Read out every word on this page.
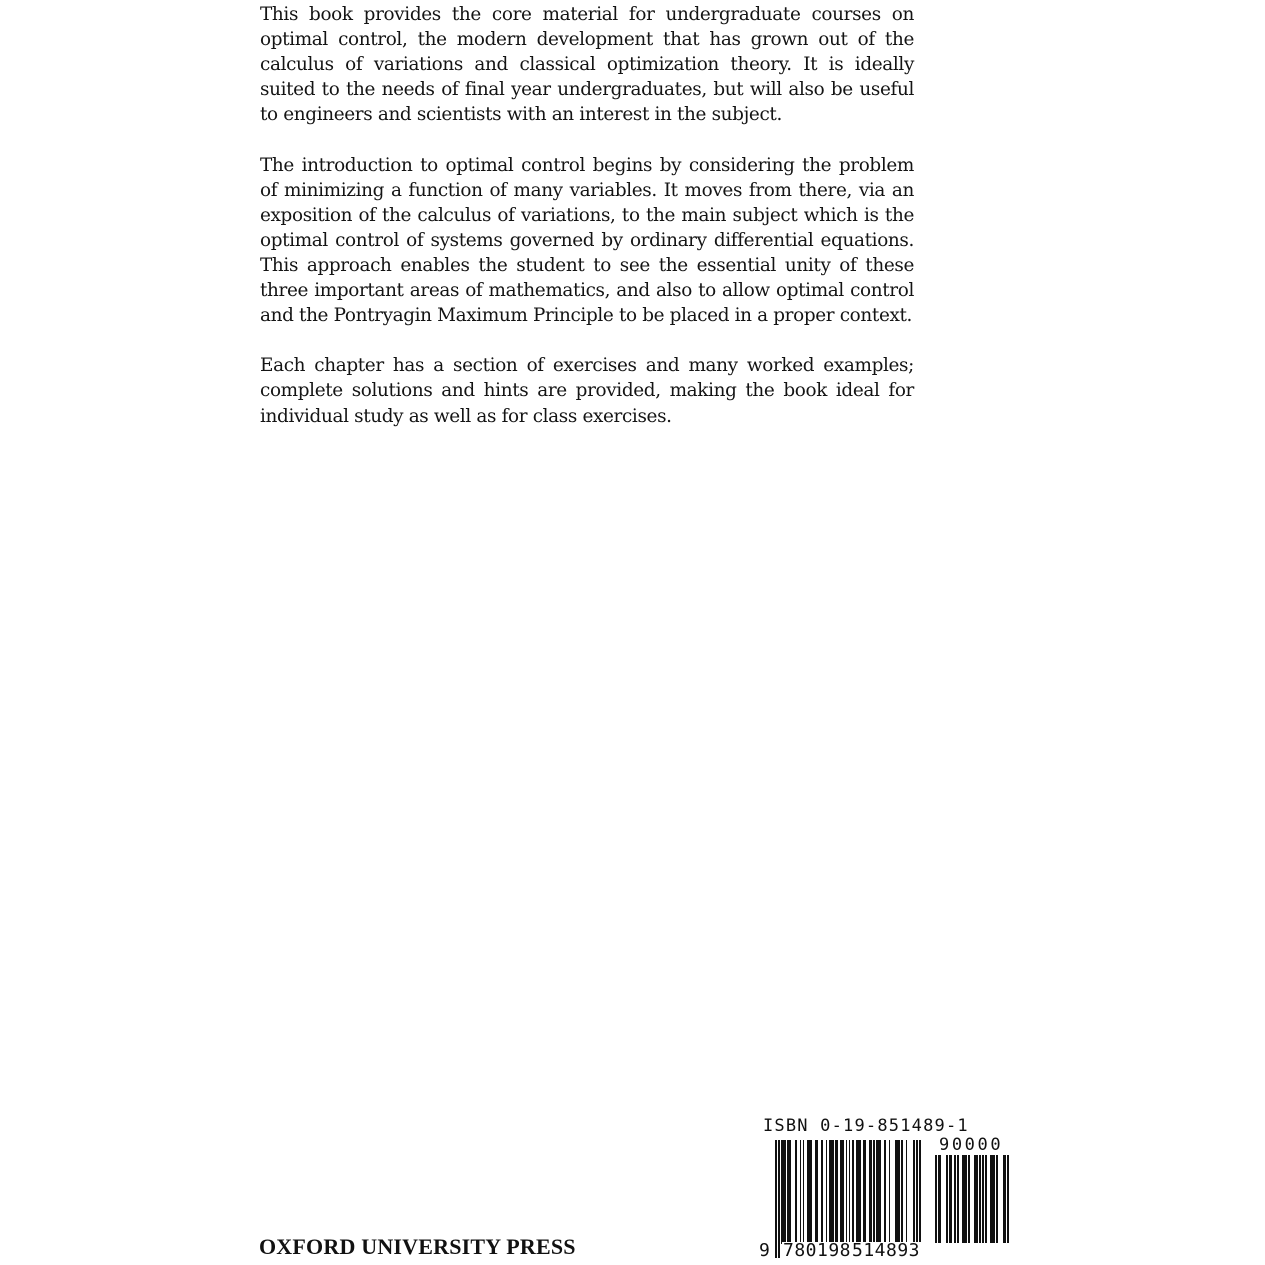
This book provides the core material for undergraduate courses on optimal control, the modern development that has grown out of the calculus of variations and classical optimization theory. It is ideally suited to the needs of final year undergraduates, but will also be useful to engineers and scientists with an interest in the subject.

The introduction to optimal control begins by considering the problem of minimizing a function of many variables. It moves from there, via an exposition of the calculus of variations, to the main subject which is the optimal control of systems governed by ordinary differential equations. This approach enables the student to see the essential unity of these three important areas of mathematics, and also to allow optimal control and the Pontryagin Maximum Principle to be placed in a proper context.

Each chapter has a section of exercises and many worked examples; complete solutions and hints are provided, making the book ideal for individual study as well as for class exercises.

ISBN 0-19-851489-1
90000
9 780198 514893
OXFORD UNIVERSITY PRESS
